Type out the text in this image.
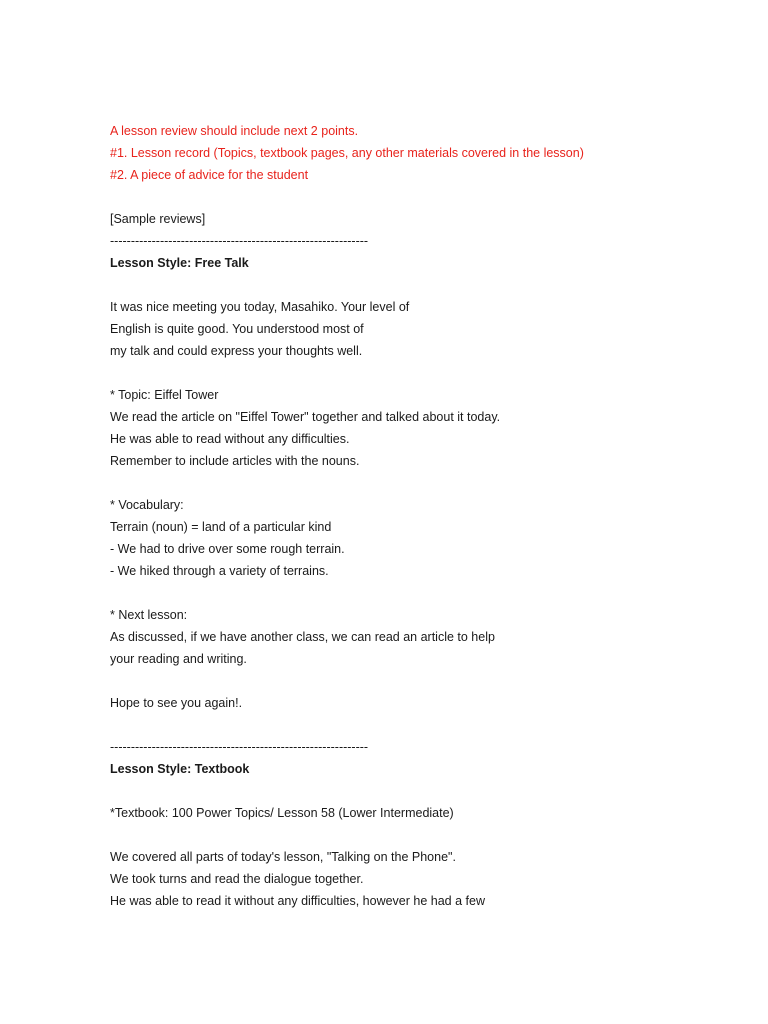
A lesson review should include next 2 points.
#1. Lesson record (Topics, textbook pages, any other materials covered in the lesson)
#2. A piece of advice for the student
[Sample reviews]
--------------------------------------------------------------
Lesson Style: Free Talk
It was nice meeting you today, Masahiko. Your level of
English is quite good. You understood most of
my talk and could express your thoughts well.
* Topic: Eiffel Tower
We read the article on "Eiffel Tower" together and talked about it today.
He was able to read without any difficulties.
Remember to include articles with the nouns.
* Vocabulary:
Terrain (noun) = land of a particular kind
- We had to drive over some rough terrain.
- We hiked through a variety of terrains.
* Next lesson:
As discussed, if we have another class, we can read an article to help
your reading and writing.
Hope to see you again!.
--------------------------------------------------------------
Lesson Style: Textbook
*Textbook: 100 Power Topics/ Lesson 58 (Lower Intermediate)
We covered all parts of today's lesson, "Talking on the Phone".
We took turns and read the dialogue together.
He was able to read it without any difficulties, however he had a few
